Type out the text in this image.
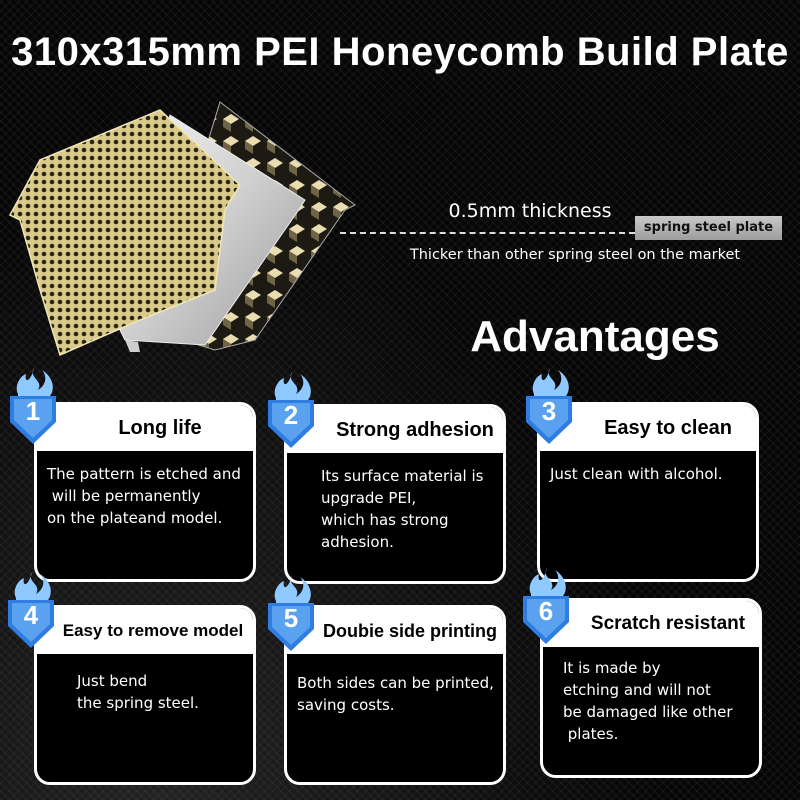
310x315mm PEI Honeycomb Build Plate
0.5mm thickness
spring steel plate
Thicker than other spring steel on the market
Advantages
Long life
The pattern is etched and
will be permanently
on the plateand model.
Strong adhesion
Its surface material is
upgrade PEI,
which has strong
adhesion.
Easy to clean
Just clean with alcohol.
Easy to remove model
Just bend
the spring steel.
Doubie side printing
Both sides can be printed,
saving costs.
Scratch resistant
It is made by
etching and will not
be damaged like other
plates.
1	2	3
4	5	6
